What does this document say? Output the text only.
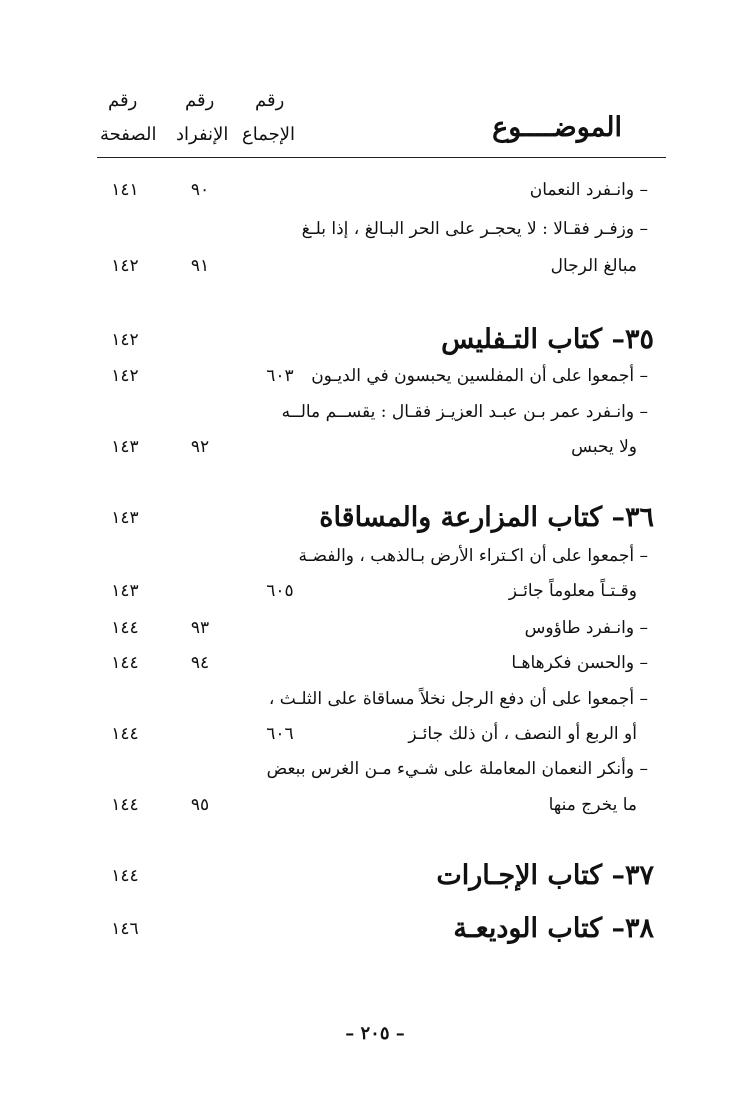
رقم	رقم رقم
الصفحة الإنفراد الإجماع	الموضــــوع
– وانـفرد النعمان
٩٠
١٤١
– وزفـر فقـالا : لا يحجـر على الحر البـالغ ، إذا بلـغ
مبالغ الرجال
٩١
١٤٢
٣٥– كتاب التـفليس
١٤٢
– أجمعوا على أن المفلسين يحبسون في الديـون
٦٠٣
١٤٢
– وانـفرد عمر بـن عبـد العزيـز فقـال : يقســم مالــه
ولا يحبس
٩٢
١٤٣
٣٦– كتاب المزارعة والمساقاة
١٤٣
– أجمعوا على أن اكـتراء الأرض بـالذهب ، والفضـة
وقـتـاً معلوماً جائـز
٦٠٥
١٤٣
– وانـفرد طاؤوس
٩٣
١٤٤
– والحسن فكرهاهـا
٩٤
١٤٤
– أجمعوا على أن دفع الرجل نخلاً مساقاة على الثلـث ،
أو الربع أو النصف ، أن ذلك جائـز
٦٠٦
١٤٤
– وأنكر النعمان المعاملة على شـيء مـن الغرس ببعض
ما يخرج منها
٩٥
١٤٤
٣٧– كتاب الإجـارات
١٤٤
٣٨– كتاب الوديعـة
١٤٦
– ٢٠٥ –
